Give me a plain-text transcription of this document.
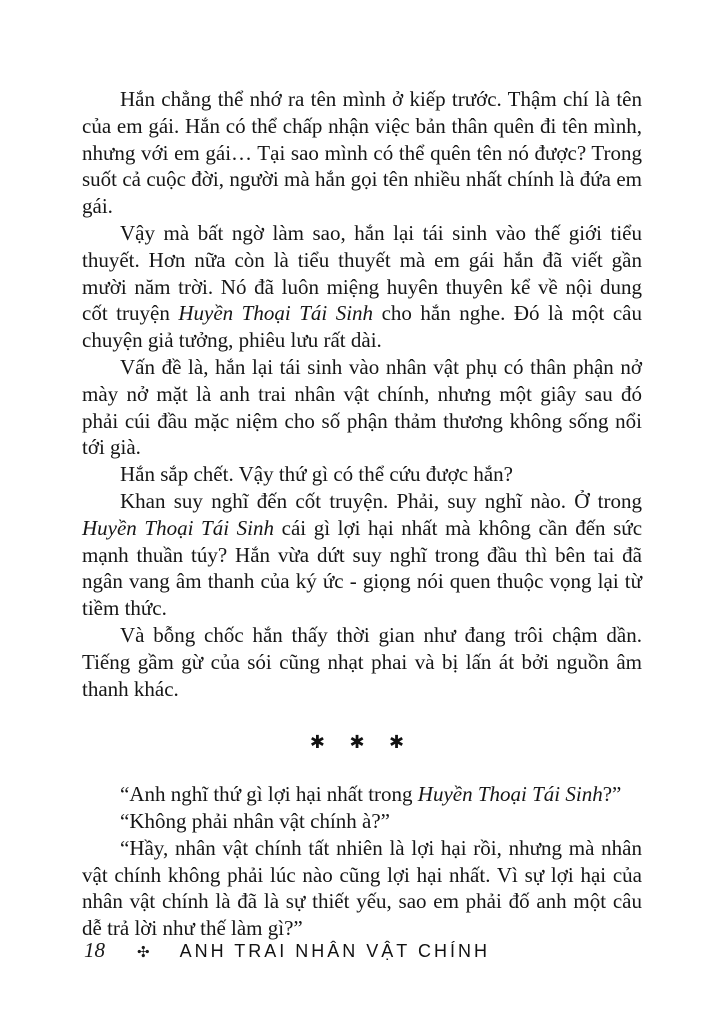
Hắn chẳng thể nhớ ra tên mình ở kiếp trước. Thậm chí là tên của em gái. Hắn có thể chấp nhận việc bản thân quên đi tên mình, nhưng với em gái… Tại sao mình có thể quên tên nó được? Trong suốt cả cuộc đời, người mà hắn gọi tên nhiều nhất chính là đứa em gái.

Vậy mà bất ngờ làm sao, hắn lại tái sinh vào thế giới tiểu thuyết. Hơn nữa còn là tiểu thuyết mà em gái hắn đã viết gần mười năm trời. Nó đã luôn miệng huyên thuyên kể về nội dung cốt truyện Huyền Thoại Tái Sinh cho hắn nghe. Đó là một câu chuyện giả tưởng, phiêu lưu rất dài.

Vấn đề là, hắn lại tái sinh vào nhân vật phụ có thân phận nở mày nở mặt là anh trai nhân vật chính, nhưng một giây sau đó phải cúi đầu mặc niệm cho số phận thảm thương không sống nổi tới già.

Hắn sắp chết. Vậy thứ gì có thể cứu được hắn?

Khan suy nghĩ đến cốt truyện. Phải, suy nghĩ nào. Ở trong Huyền Thoại Tái Sinh cái gì lợi hại nhất mà không cần đến sức mạnh thuần túy? Hắn vừa dứt suy nghĩ trong đầu thì bên tai đã ngân vang âm thanh của ký ức - giọng nói quen thuộc vọng lại từ tiềm thức.

Và bỗng chốc hắn thấy thời gian như đang trôi chậm dần. Tiếng gầm gừ của sói cũng nhạt phai và bị lấn át bởi nguồn âm thanh khác.

✱ ✱ ✱

“Anh nghĩ thứ gì lợi hại nhất trong Huyền Thoại Tái Sinh?”

“Không phải nhân vật chính à?”

“Hầy, nhân vật chính tất nhiên là lợi hại rồi, nhưng mà nhân vật chính không phải lúc nào cũng lợi hại nhất. Vì sự lợi hại của nhân vật chính là đã là sự thiết yếu, sao em phải đố anh một câu dễ trả lời như thế làm gì?”

18 ✣ ANH TRAI NHÂN VẬT CHÍNH
